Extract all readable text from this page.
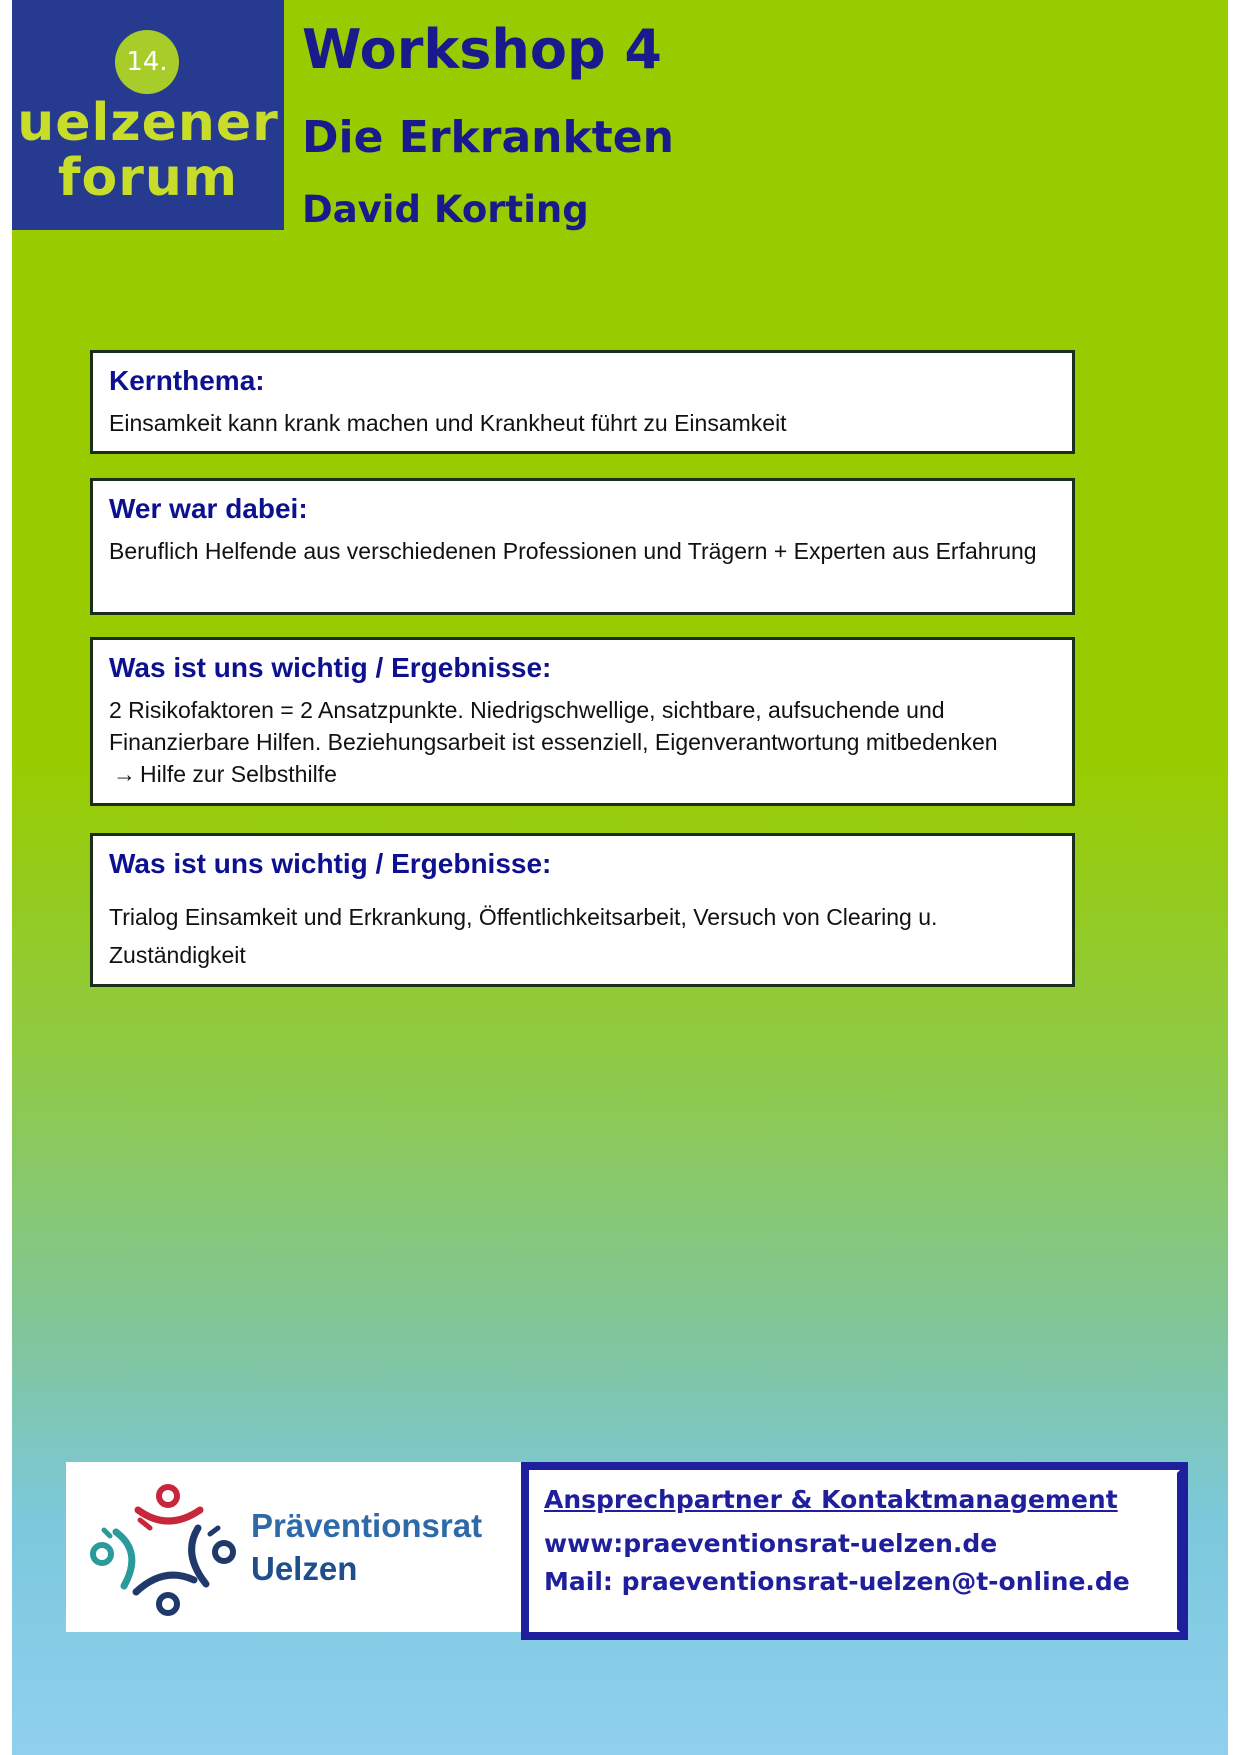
14.
uelzener
forum
Workshop 4
Die Erkrankten
David Korting
Kernthema:

Einsamkeit kann krank machen und Krankheut führt zu Einsamkeit

Wer war dabei:

Beruflich Helfende aus verschiedenen Professionen und Trägern + Experten aus Erfahrung

Was ist uns wichtig / Ergebnisse:

2 Risikofaktoren = 2 Ansatzpunkte. Niedrigschwellige, sichtbare, aufsuchende und Finanzierbare Hilfen. Beziehungsarbeit ist essenziell, Eigenverantwortung mitbedenken → Hilfe zur Selbsthilfe

Was ist uns wichtig / Ergebnisse:

Trialog Einsamkeit und Erkrankung, Öffentlichkeitsarbeit, Versuch von Clearing u. Zuständigkeit

Präventionsrat
Uelzen
Ansprechpartner & Kontaktmanagement
www:praeventionsrat-uelzen.de
Mail: praeventionsrat-uelzen@t-online.de
